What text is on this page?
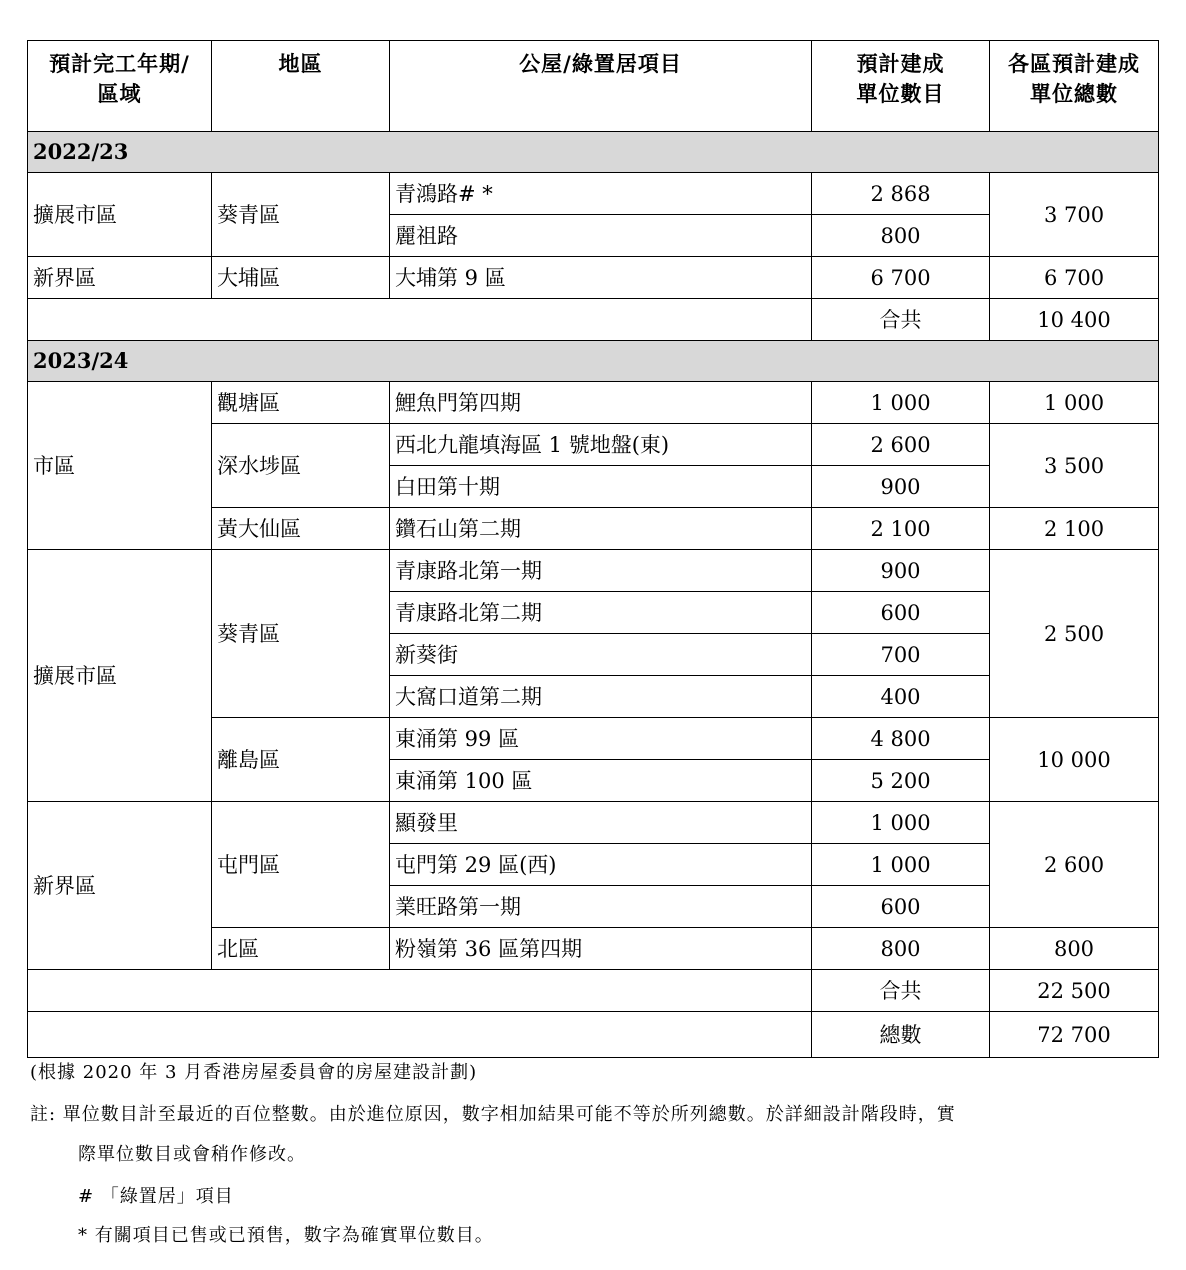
預計完工年期/
區域	地區	公屋/綠置居項目	預計建成
單位數目	各區預計建成
單位總數
2022/23				
擴展市區	葵青區	青鴻路# *	2 868	3 700
		麗祖路	800	
新界區	大埔區	大埔第 9 區	6 700	6 700
			合共	10 400
2023/24				
市區	觀塘區	鯉魚門第四期	1 000	1 000
	深水埗區	西北九龍填海區 1 號地盤(東)	2 600	3 500
		白田第十期	900	
	黃大仙區	鑽石山第二期	2 100	2 100
擴展市區	葵青區	青康路北第一期	900	2 500
		青康路北第二期	600	
		新葵街	700	
		大窩口道第二期	400	
	離島區	東涌第 99 區	4 800	10 000
		東涌第 100 區	5 200	
新界區	屯門區	顯發里	1 000	2 600
		屯門第 29 區(西)	1 000	
		業旺路第一期	600	
	北區	粉嶺第 36 區第四期	800	800
			合共	22 500
			總數	72 700
(根據 2020 年 3 月香港房屋委員會的房屋建設計劃)
註: 單位數目計至最近的百位整數。由於進位原因，數字相加結果可能不等於所列總數。於詳細設計階段時，實
際單位數目或會稍作修改。
# 「綠置居」項目
* 有關項目已售或已預售，數字為確實單位數目。
